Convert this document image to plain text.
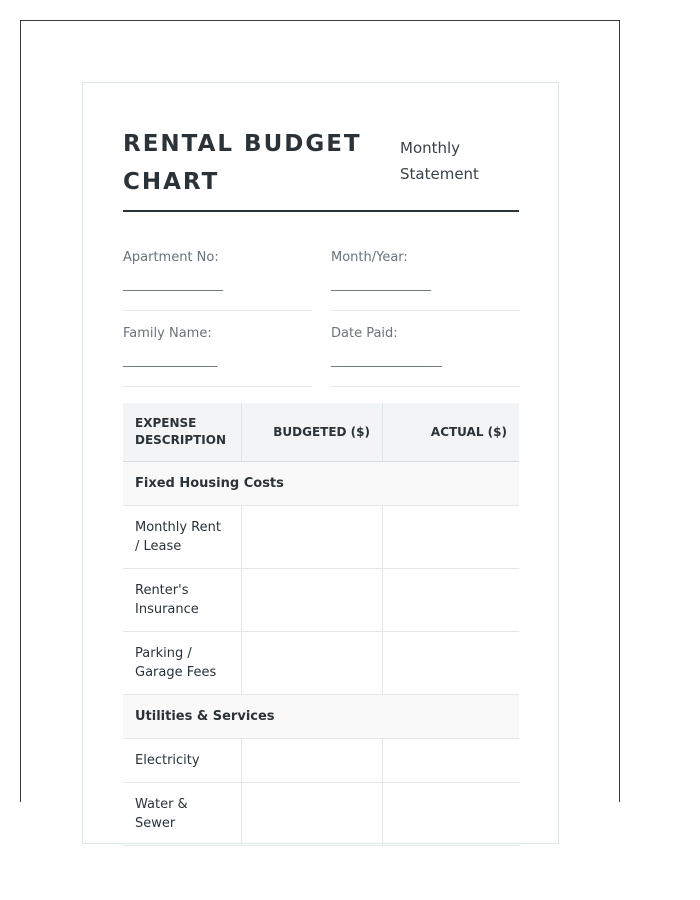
RENTAL BUDGET CHART

Monthly Statement

Apartment No:
__________________
Month/Year:
__________________
Family Name:
_________________
Date Paid:
____________________
EXPENSE DESCRIPTION	BUDGETED ($)	ACTUAL ($)
Fixed Housing Costs		
Monthly Rent / Lease		
Renter's Insurance		
Parking / Garage Fees		
Utilities & Services		
Electricity		
Water & Sewer		
